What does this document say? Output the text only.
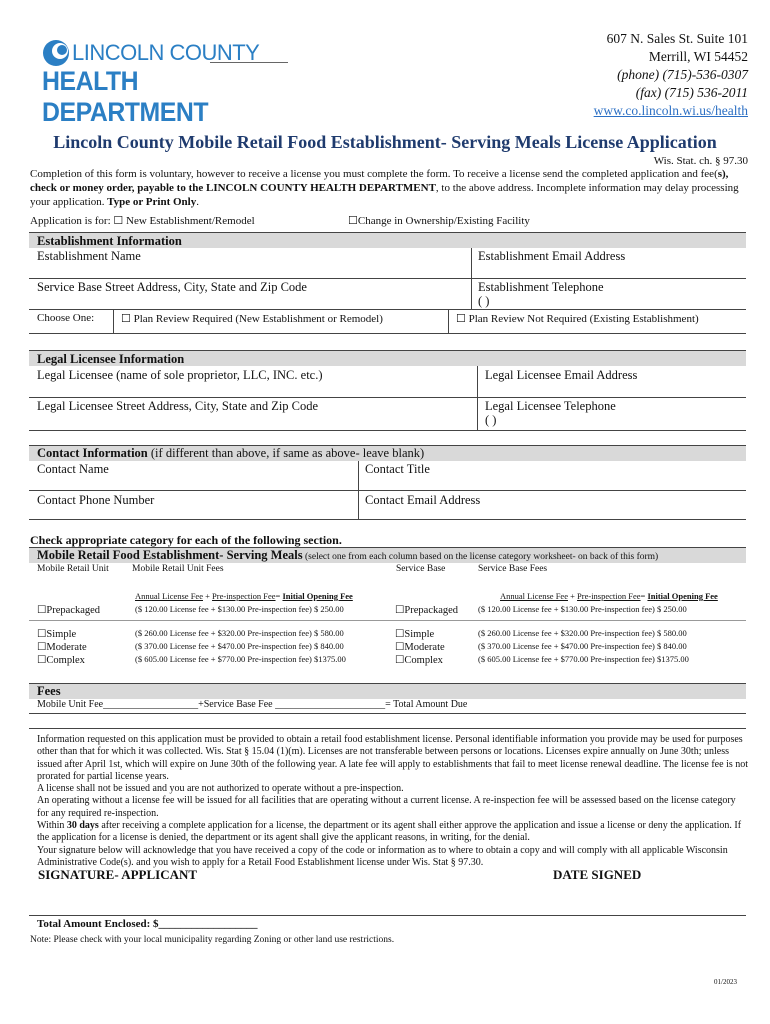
LINCOLN COUNTY
HEALTH DEPARTMENT
607 N. Sales St. Suite 101
Merrill, WI 54452
(phone) (715)-536-0307
(fax) (715) 536-2011
www.co.lincoln.wi.us/health
Lincoln County Mobile Retail Food Establishment- Serving Meals License Application
Wis. Stat. ch. § 97.30
Completion of this form is voluntary, however to receive a license you must complete the form. To receive a license send the completed application and fee(s), check or money order, payable to the LINCOLN COUNTY HEALTH DEPARTMENT, to the above address. Incomplete information may delay processing your application. Type or Print Only.
Application is for: ☐ New Establishment/Remodel	☐Change in Ownership/Existing Facility
Establishment Information
Establishment Name	Establishment Email Address
Service Base Street Address, City, State and Zip Code	Establishment Telephone
( )
Choose One: ☐ Plan Review Required (New Establishment or Remodel)	☐ Plan Review Not Required (Existing Establishment)
Legal Licensee Information
Legal Licensee (name of sole proprietor, LLC, INC. etc.)	Legal Licensee Email Address
Legal Licensee Street Address, City, State and Zip Code	Legal Licensee Telephone
( )
Contact Information (if different than above, if same as above- leave blank)
Contact Name	Contact Title
Contact Phone Number	Contact Email Address
Check appropriate category for each of the following section.
Mobile Retail Food Establishment- Serving Meals (select one from each column based on the license category worksheet- on back of this form)
Mobile Retail Unit Mobile Retail Unit Fees	Service Base	Service Base Fees
Annual License Fee + Pre-inspection Fee= Initial Opening Fee	Annual License Fee + Pre-inspection Fee= Initial Opening Fee
☐Prepackaged	($ 120.00 License fee + $130.00 Pre-inspection fee) $ 250.00	☐Prepackaged ($ 120.00 License fee + $130.00 Pre-inspection fee) $ 250.00
☐Simple	($ 260.00 License fee + $320.00 Pre-inspection fee) $ 580.00	☐Simple	($ 260.00 License fee + $320.00 Pre-inspection fee) $ 580.00
☐Moderate	($ 370.00 License fee + $470.00 Pre-inspection fee) $ 840.00	☐Moderate	($ 370.00 License fee + $470.00 Pre-inspection fee) $ 840.00
☐Complex	($ 605.00 License fee + $770.00 Pre-inspection fee) $1375.00	☐Complex	($ 605.00 License fee + $770.00 Pre-inspection fee) $1375.00
Fees
Mobile Unit Fee___________________+Service Base Fee ______________________= Total Amount Due

Information requested on this application must be provided to obtain a retail food establishment license. Personal identifiable information you provide may be used for purposes other than that for which it was collected. Wis. Stat § 15.04 (1)(m). Licenses are not transferable between persons or locations. Licenses expire annually on June 30th; unless issued after April 1st, which will expire on June 30th of the following year. A late fee will apply to establishments that fail to meet license renewal deadline. The license fee is not prorated for partial license years.

A license shall not be issued and you are not authorized to operate without a pre-inspection.

An operating without a license fee will be issued for all facilities that are operating without a current license. A re-inspection fee will be assessed based on the license category for any required re-inspection.

Within 30 days after receiving a complete application for a license, the department or its agent shall either approve the application and issue a license or deny the application. If the application for a license is denied, the department or its agent shall give the applicant reasons, in writing, for the denial.

Your signature below will acknowledge that you have received a copy of the code or information as to where to obtain a copy and will comply with all applicable Wisconsin Administrative Code(s). and you wish to apply for a Retail Food Establishment license under Wis. Stat § 97.30.

SIGNATURE- APPLICANT	DATE SIGNED
Total Amount Enclosed: $__________________
Note: Please check with your local municipality regarding Zoning or other land use restrictions.
01/2023
